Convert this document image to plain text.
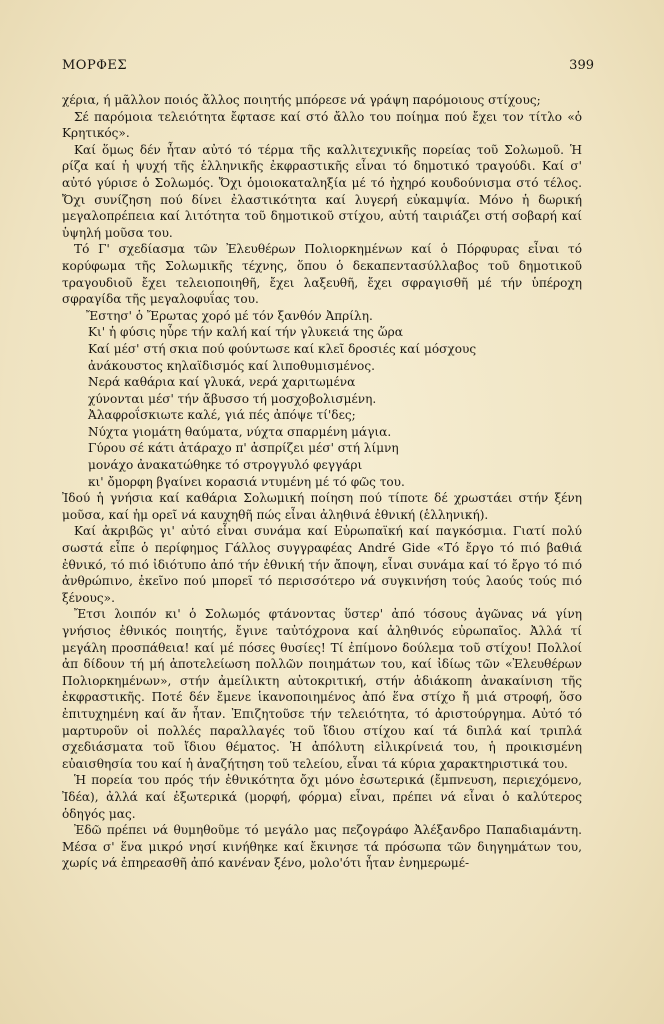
ΜΟΡΦΕΣ	399

χέρια, ή μᾶλλον ποιός ἄλλος ποιητής μπόρεσε νά γράψη παρόμοιους στίχους;

Σέ παρόμοια τελειότητα ἔφτασε καί στό ἄλλο του ποίημα πού ἔχει τον τίτλο «ὁ Κρητικός».

Καί ὅμως δέν ἦταν αὐτό τό τέρμα τῆς καλλιτεχνικῆς πορείας τοῦ Σολωμοῦ. Ἡ ρίζα καί ἡ ψυχή τῆς ἑλληνικῆς ἐκφραστικῆς εἶναι τό δημοτικό τραγούδι. Καί σ' αὐτό γύρισε ὁ Σολωμός. Ὄχι ὁμοιοκαταληξία μέ τό ἠχηρό κουδούνισμα στό τέλος. Ὄχι συνίζηση πού δίνει ἐλαστικότητα καί λυγερή εὐκαμψία. Μόνο ἡ δωρική μεγαλοπρέπεια καί λιτότητα τοῦ δημοτικοῦ στίχου, αὐτή ταιριάζει στή σοβαρή καί ὑψηλή μοῦσα του.

Τό Γ' σχεδίασμα τῶν Ἐλευθέρων Πολιορκημένων καί ὁ Πόρφυρας εἶναι τό κορύφωμα τῆς Σολωμικῆς τέχνης, ὅπου ὁ δεκαπεντασύλλαβος τοῦ δημοτικοῦ τραγουδιοῦ ἔχει τελειοποιηθῆ, ἔχει λαξευθῆ, ἔχει σφραγισθῆ μέ τήν ὑπέροχη σφραγίδα τῆς μεγαλοφυΐας του.

Ἔστησ' ὁ Ἔρωτας χορό μέ τόν ξανθόν Ἀπρίλη.
Κι' ἡ φύσις ηὗρε τήν καλή καί τήν γλυκειά της ὥρα
Καί μέσ' στή σκια πού φούντωσε καί κλεῖ δροσιές καί μόσχους
ἀνάκουστος κηλαϊδισμός καί λιποθυμισμένος.
Νερά καθάρια καί γλυκά, νερά χαριτωμένα
χύνονται μέσ' τήν ἄβυσσο τή μοσχοβολισμένη.
Ἀλαφροΐσκιωτε καλέ, γιά πές ἀπόψε τί'δες;
Νύχτα γιομάτη θαύματα, νύχτα σπαρμένη μάγια.
Γύρου σέ κάτι ἀτάραχο π' ἀσπρίζει μέσ' στή λίμνη
μονάχο ἀνακατώθηκε τό στρογγυλό φεγγάρι
κι' ὄμορφη βγαίνει κορασιά ντυμένη μέ τό φῶς του.

Ἰδού ἡ γνήσια καί καθάρια Σολωμική ποίηση πού τίποτε δέ χρωστάει στήν ξένη μοῦσα, καί ἡμ ορεῖ νά καυχηθῆ πώς εἶναι ἀληθινά ἐθνική (ἑλληνική).

Καί ἀκριβῶς γι' αὐτό εἶναι συνάμα καί Εὐρωπαϊκή καί παγκόσμια. Γιατί πολύ σωστά εἶπε ὁ περίφημος Γάλλος συγγραφέας André Gide «Τό ἔργο τό πιό βαθιά ἐθνικό, τό πιό ἰδιότυπο ἀπό τήν ἐθνική τήν ἄποψη, εἶναι συνάμα καί τό ἔργο τό πιό ἀνθρώπινο, ἐκεῖνο πού μπορεῖ τό περισσότερο νά συγκινήση τούς λαούς τούς πιό ξένους».

Ἔτσι λοιπόν κι' ὁ Σολωμός φτάνοντας ὕστερ' ἀπό τόσους ἀγῶνας νά γίνη γνήσιος ἐθνικός ποιητής, ἔγινε ταὐτόχρονα καί ἀληθινός εὐρωπαῖος. Ἀλλά τί μεγάλη προσπάθεια! καί μέ πόσες θυσίες! Τί ἐπίμονο δούλεμα τοῦ στίχου! Πολλοί ἀπ δίδουν τή μή ἀποτελείωση πολλῶν ποιημάτων του, καί ἰδίως τῶν «Ἐλευθέρων Πολιορκημένων», στήν ἀμείλικτη αὐτοκριτική, στήν ἀδιάκοπη ἀνακαίνιση τῆς ἐκφραστικῆς. Ποτέ δέν ἔμενε ἱκανοποιημένος ἀπό ἕνα στίχο ἤ μιά στροφή, ὅσο ἐπιτυχημένη καί ἄν ἦταν. Ἐπιζητοῦσε τήν τελειότητα, τό ἀριστούργημα. Αὐτό τό μαρτυροῦν οἱ πολλές παραλλαγές τοῦ ἴδιου στίχου καί τά διπλά καί τριπλά σχεδιάσματα τοῦ ἴδιου θέματος. Ἡ ἀπόλυτη εἰλικρίνειά του, ἡ προικισμένη εὐαισθησία του καί ἡ ἀναζήτηση τοῦ τελείου, εἶναι τά κύρια χαρακτηριστικά του.

Ἡ πορεία του πρός τήν ἐθνικότητα ὄχι μόνο ἐσωτερικά (ἔμπνευση, περιεχόμενο, Ἰδέα), ἀλλά καί ἐξωτερικά (μορφή, φόρμα) εἶναι, πρέπει νά εἶναι ὁ καλύτερος ὁδηγός μας.

Ἐδῶ πρέπει νά θυμηθοῦμε τό μεγάλο μας πεζογράφο Ἀλέξανδρο Παπαδιαμάντη. Μέσα σ' ἕνα μικρό νησί κινήθηκε καί ἔκινησε τά πρόσωπα τῶν διηγημάτων του, χωρίς νά ἐπηρεασθῆ ἀπό κανέναν ξένο, μολο'ότι ἦταν ἐνημερωμέ-
